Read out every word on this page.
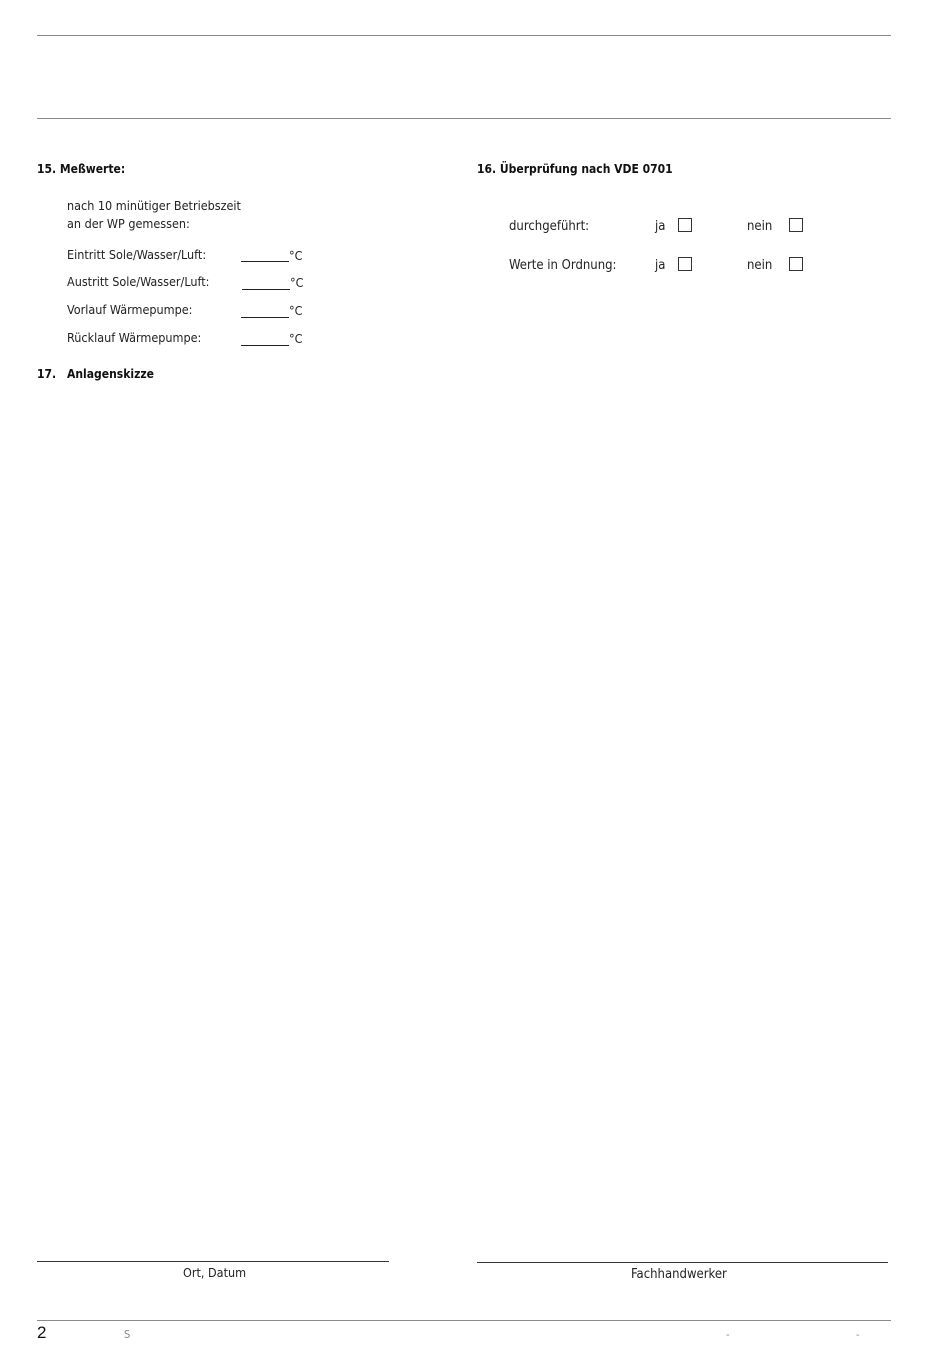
15. Meßwerte:
nach 10 minütiger Betriebszeit
an der WP gemessen:
Eintritt Sole/Wasser/Luft:	°C
Austritt Sole/Wasser/Luft:	°C
Vorlauf Wärmepumpe:	°C
Rücklauf Wärmepumpe:	°C
17. Anlagenskizze
16. Überprüfung nach VDE 0701
durchgeführt:	ja	nein
Werte in Ordnung:	ja	nein
Ort, Datum	Fachhandwerker
2	S	-	-
